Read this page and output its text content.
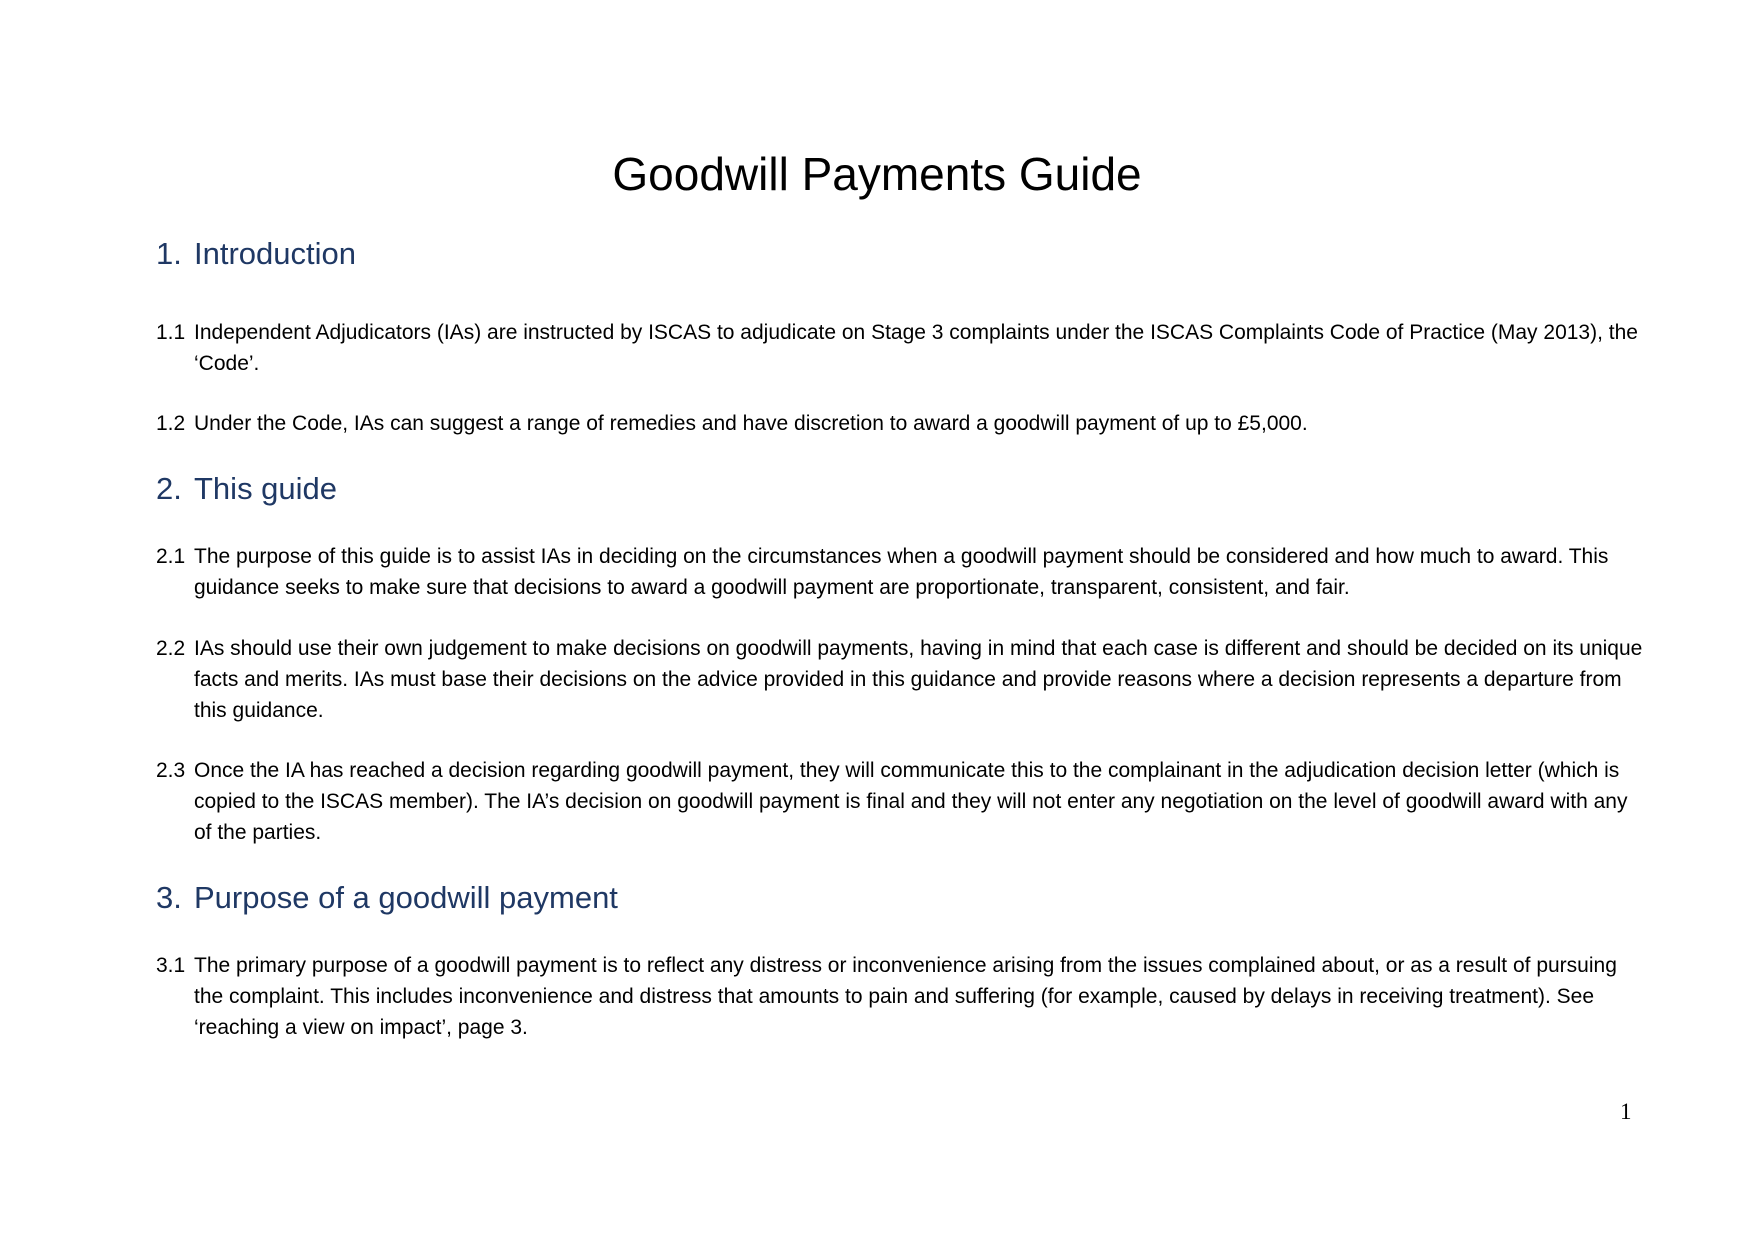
Goodwill Payments Guide
1. Introduction

1.1 Independent Adjudicators (IAs) are instructed by ISCAS to adjudicate on Stage 3 complaints under the ISCAS Complaints Code of Practice (May 2013), the ‘Code’.

1.2 Under the Code, IAs can suggest a range of remedies and have discretion to award a goodwill payment of up to £5,000.

2. This guide

2.1 The purpose of this guide is to assist IAs in deciding on the circumstances when a goodwill payment should be considered and how much to award. This guidance seeks to make sure that decisions to award a goodwill payment are proportionate, transparent, consistent, and fair.

2.2 IAs should use their own judgement to make decisions on goodwill payments, having in mind that each case is different and should be decided on its unique facts and merits. IAs must base their decisions on the advice provided in this guidance and provide reasons where a decision represents a departure from this guidance.

2.3 Once the IA has reached a decision regarding goodwill payment, they will communicate this to the complainant in the adjudication decision letter (which is copied to the ISCAS member). The IA’s decision on goodwill payment is final and they will not enter any negotiation on the level of goodwill award with any of the parties.

3. Purpose of a goodwill payment

3.1 The primary purpose of a goodwill payment is to reflect any distress or inconvenience arising from the issues complained about, or as a result of pursuing the complaint. This includes inconvenience and distress that amounts to pain and suffering (for example, caused by delays in receiving treatment). See ‘reaching a view on impact’, page 3.

1
